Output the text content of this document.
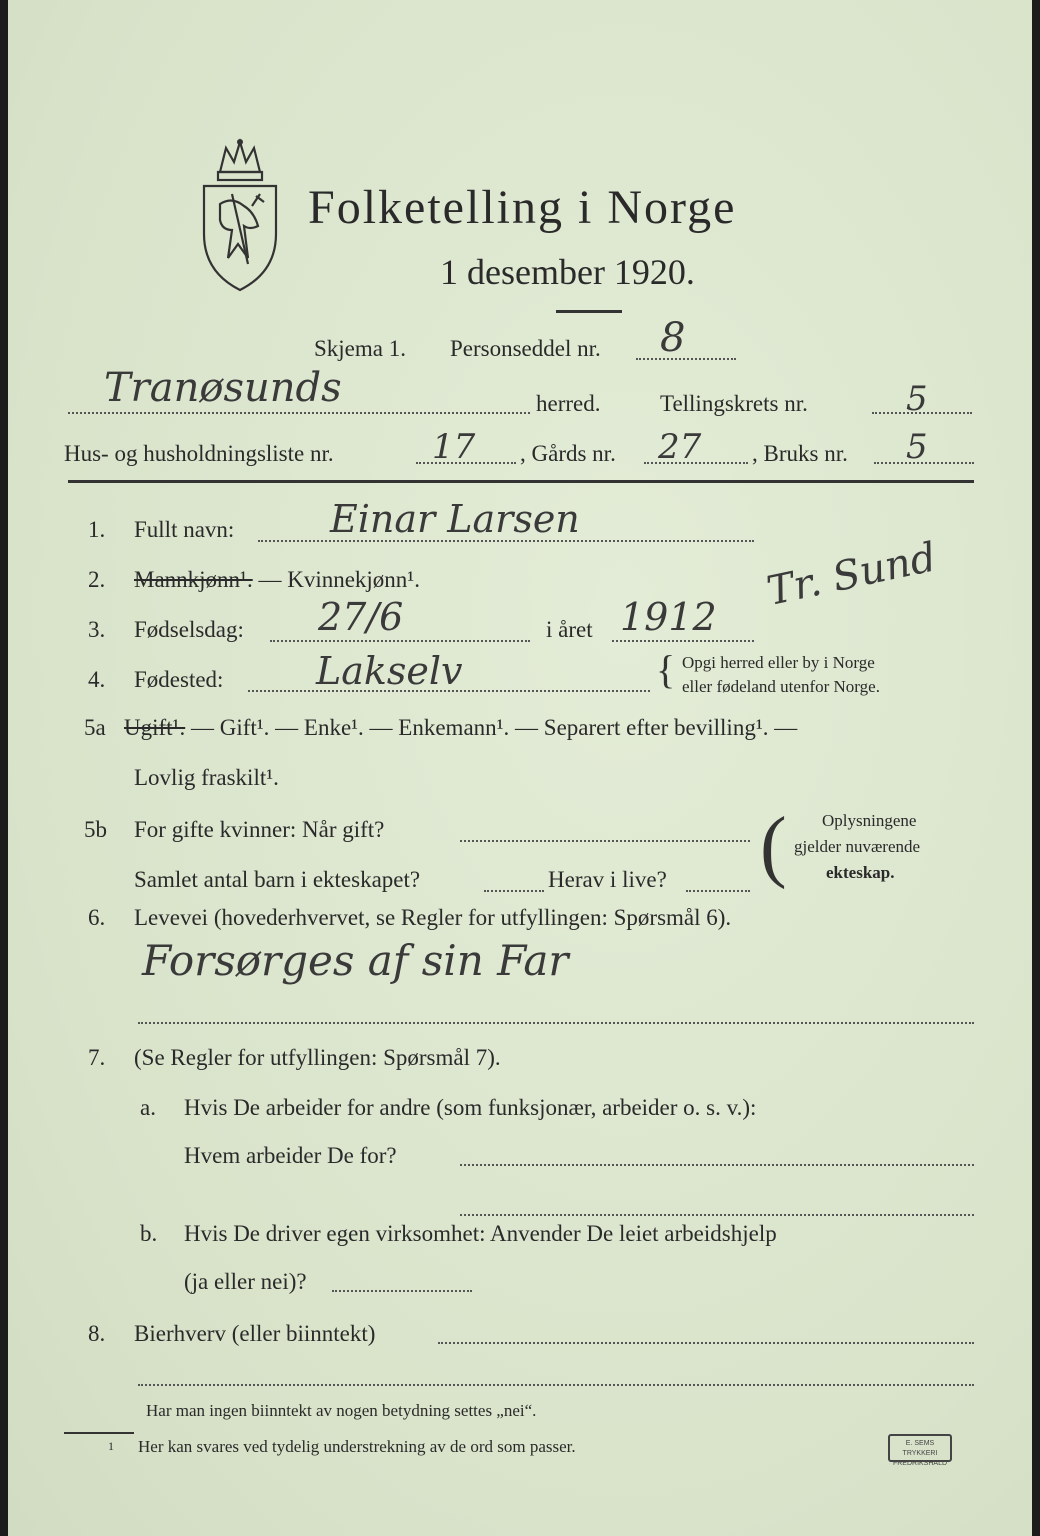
Folketelling i Norge
1 desember 1920.
Skjema 1. Personseddel nr. 8
Tranøsunds	herred.	Tellingskrets nr.	5
Hus- og husholdningsliste nr.	17 , Gårds nr. 27 , Bruks nr. 5
1. Fullt navn:	Einar Larsen
2. Mannkjønn¹. — Kvinnekjønn¹.
3. Fødselsdag: 27/6	i året 1912
Tr. Sund
4. Fødested: Lakselv	{ Opgi herred eller by i Norge
eller fødeland utenfor Norge.
5a Ugift¹. — Gift¹. — Enke¹. — Enkemann¹. — Separert efter bevilling¹. —
Lovlig fraskilt¹.
5b For gifte kvinner: Når gift?
Samlet antal barn i ekteskapet?	Herav i live? ( Oplysningene
gjelder nuværende
ekteskap.
6. Levevei (hovederhvervet, se Regler for utfyllingen: Spørsmål 6).
Forsørges af sin Far
7. (Se Regler for utfyllingen: Spørsmål 7).
a. Hvis De arbeider for andre (som funksjonær, arbeider o. s. v.):
Hvem arbeider De for?
b. Hvis De driver egen virksomhet: Anvender De leiet arbeidshjelp
(ja eller nei)?
8. Bierhverv (eller biinntekt)
Har man ingen biinntekt av nogen betydning settes „nei“.
1 Her kan svares ved tydelig understrekning av de ord som passer.	E. SEMS TRYKKERI FREDRIKSHALD
